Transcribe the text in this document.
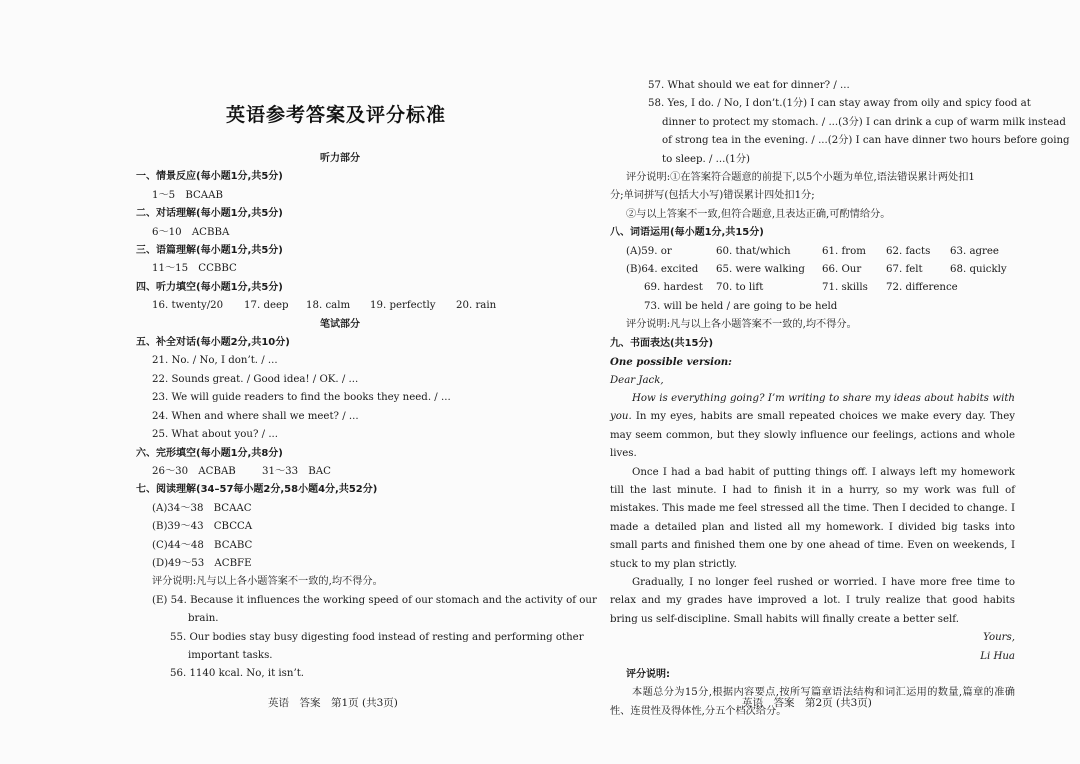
英语参考答案及评分标准
听力部分
一、情景反应(每小题1分,共5分)
1～5　BCAAB
二、对话理解(每小题1分,共5分)
6～10　ACBBA
三、语篇理解(每小题1分,共5分)
11～15　CCBBC
四、听力填空(每小题1分,共5分)
16. twenty/20 17. deep 18. calm 19. perfectly 20. rain
笔试部分
五、补全对话(每小题2分,共10分)
21. No. / No, I don’t. / ...
22. Sounds great. / Good idea! / OK. / ...
23. We will guide readers to find the books they need. / ...
24. When and where shall we meet? / ...
25. What about you? / ...
六、完形填空(每小题1分,共8分)
26～30　ACBAB	31～33　BAC
七、阅读理解(34–57每小题2分,58小题4分,共52分)
(A)34～38　BCAAC
(B)39～43　CBCCA
(C)44～48　BCABC
(D)49～53　ACBFE
评分说明:凡与以上各小题答案不一致的,均不得分。
(E) 54. Because it influences the working speed of our stomach and the activity of our
brain.
55. Our bodies stay busy digesting food instead of resting and performing other
important tasks.
56. 1140 kcal. No, it isn’t.
英语　答案　第1页 (共3页)
57. What should we eat for dinner? / ...
58. Yes, I do. / No, I don’t.(1分) I can stay away from oily and spicy food at
dinner to protect my stomach. / ...(3分) I can drink a cup of warm milk instead
of strong tea in the evening. / ...(2分) I can have dinner two hours before going
to sleep. / ...(1分)
评分说明:①在答案符合题意的前提下,以5个小题为单位,语法错误累计两处扣1
分;单词拼写(包括大小写)错误累计四处扣1分;
②与以上答案不一致,但符合题意,且表达正确,可酌情给分。
八、词语运用(每小题1分,共15分)
(A)59. or	60. that/which	61. from 62. facts 63. agree
(B)64. excited 65. were walking 66. Our 67. felt	68. quickly
69. hardest 70. to lift	71. skills 72. difference
73. will be held / are going to be held
评分说明:凡与以上各小题答案不一致的,均不得分。
九、书面表达(共15分)
One possible version:
Dear Jack,

How is everything going? I’m writing to share my ideas about habits with you. In my eyes, habits are small repeated choices we make every day. They may seem common, but they slowly influence our feelings, actions and whole lives.

Once I had a bad habit of putting things off. I always left my homework till the last minute. I had to finish it in a hurry, so my work was full of mistakes. This made me feel stressed all the time. Then I decided to change. I made a detailed plan and listed all my homework. I divided big tasks into small parts and finished them one by one ahead of time. Even on weekends, I stuck to my plan strictly.

Gradually, I no longer feel rushed or worried. I have more free time to relax and my grades have improved a lot. I truly realize that good habits bring us self-discipline. Small habits will finally create a better self.

Yours,
Li Hua
评分说明:

本题总分为15分,根据内容要点,按所写篇章语法结构和词汇运用的数量,篇章的准确性、连贯性及得体性,分五个档次给分。

英语　答案　第2页 (共3页)
